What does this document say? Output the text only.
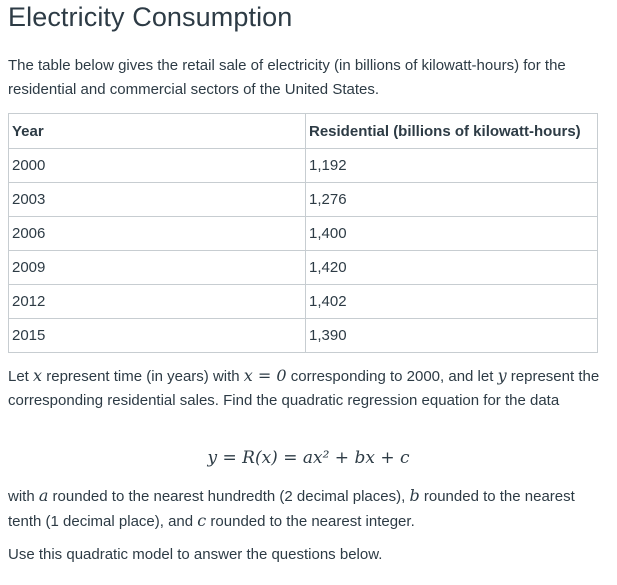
Electricity Consumption

The table below gives the retail sale of electricity (in billions of kilowatt-hours) for the residential and commercial sectors of the United States.

Year	Residential (billions of kilowatt-hours)
2000	1,192
2003	1,276
2006	1,400
2009	1,420
2012	1,402
2015	1,390

Let x represent time (in years) with x = 0 corresponding to 2000, and let y represent the corresponding residential sales. Find the quadratic regression equation for the data

y = R(x) = ax² + bx + c

with a rounded to the nearest hundredth (2 decimal places), b rounded to the nearest tenth (1 decimal place), and c rounded to the nearest integer.

Use this quadratic model to answer the questions below.
